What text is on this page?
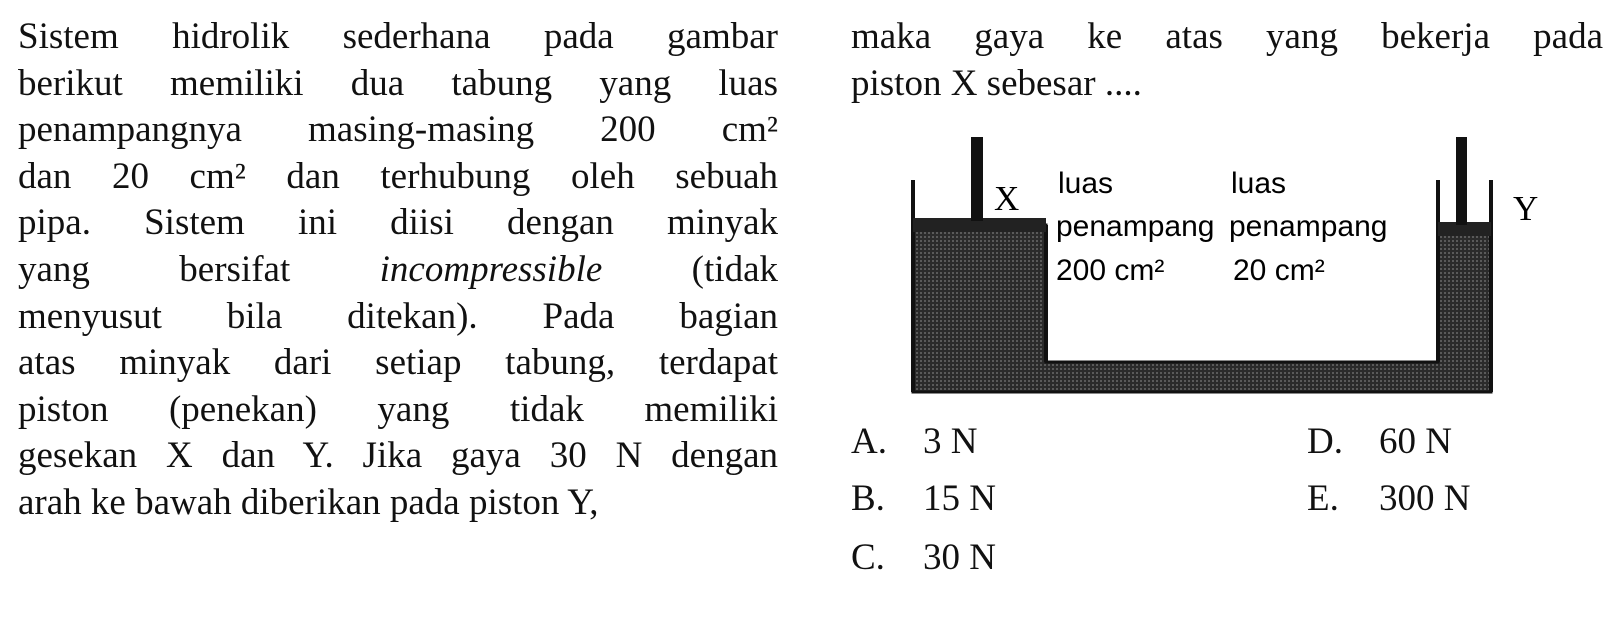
Sistem hidrolik sederhana pada gambar
berikut memiliki dua tabung yang luas
penampangnya masing-masing 200 cm²
dan 20 cm² dan terhubung oleh sebuah
pipa. Sistem ini diisi dengan minyak
yang bersifat incompressible (tidak
menyusut bila ditekan). Pada bagian
atas minyak dari setiap tabung, terdapat
piston (penekan) yang tidak memiliki
gesekan X dan Y. Jika gaya 30 N dengan
arah ke bawah diberikan pada piston Y,
maka gaya ke atas yang bekerja pada
piston X sebesar ....
X	Y
luas
penampang
200 cm²
luas
penampang
20 cm²
A. 3 N
B. 15 N
C. 30 N
D. 60 N
E. 300 N
